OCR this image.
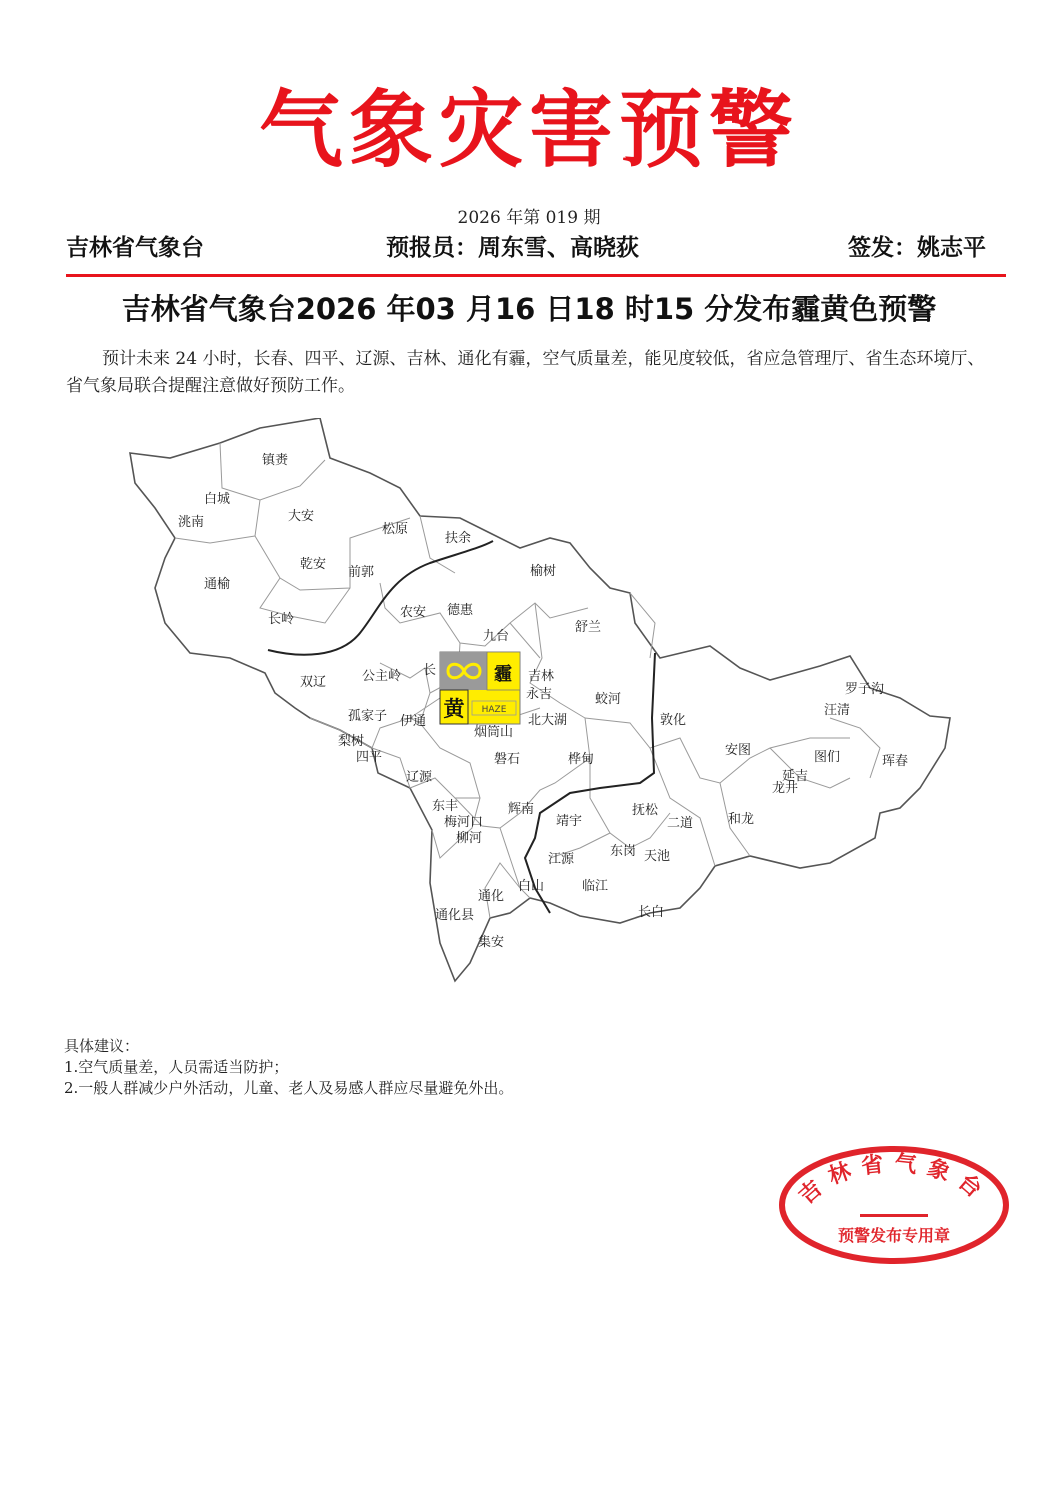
气象灾害预警
2026 年第 019 期
吉林省气象台	预报员：周东雪、高晓荻	签发：姚志平
吉林省气象台2026 年03 月16 日18 时15 分发布霾黄色预警
预计未来 24 小时，长春、四平、辽源、吉林、通化有霾，空气质量差，能见度较低，省应急管理厅、省生态环境厅、省气象局联合提醒注意做好预防工作。
镇赉
白城
洮南	大安
松原
扶余
乾安
前郭
通榆
长岭
榆树
农安 德惠
九台
舒兰
双辽	公主岭 长	吉林
永吉	蛟河
孤家子 伊通	北大湖	敦化
罗子沟
汪清
梨树
四平
烟筒山
安图	图们	珲春
磐石	桦甸
延吉
龙井
辽源
东丰	辉南
梅河口
柳河
靖宇
抚松
二道	和龙
东岗 天池
江源
白山	临江
通化
通化县	长白
集安
黄
霾
HAZE
具体建议：
1.空气质量差，人员需适当防护；
2.一般人群减少户外活动，儿童、老人及易感人群应尽量避免外出。
吉林省气象台
预警发布专用章
